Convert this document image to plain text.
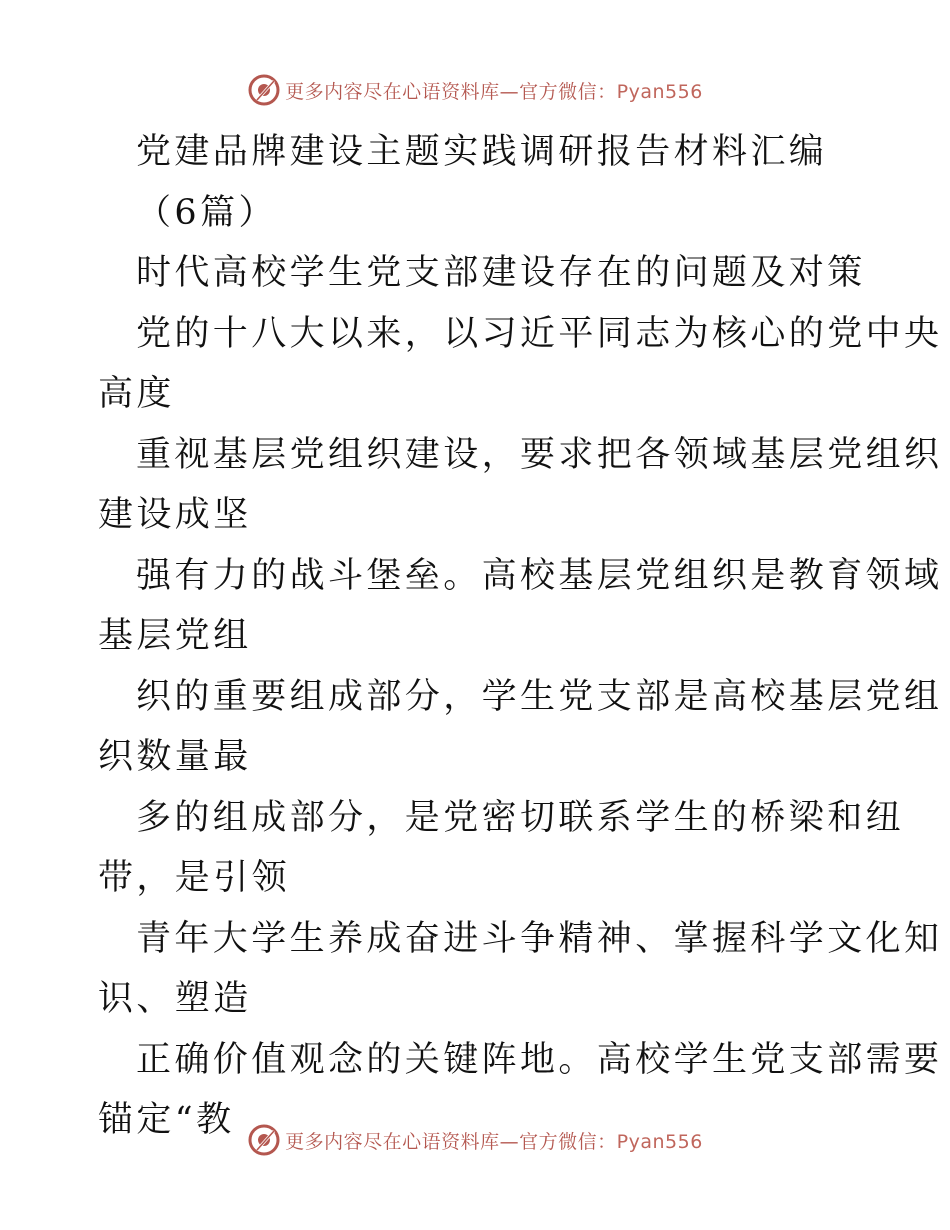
更多内容尽在心语资料库—官方微信：Pyan556
党建品牌建设主题实践调研报告材料汇编
（6篇）
时代高校学生党支部建设存在的问题及对策
党的十八大以来，以习近平同志为核心的党中央
高度
重视基层党组织建设，要求把各领域基层党组织
建设成坚
强有力的战斗堡垒。高校基层党组织是教育领域
基层党组
织的重要组成部分，学生党支部是高校基层党组
织数量最
多的组成部分，是党密切联系学生的桥梁和纽
带，是引领
青年大学生养成奋进斗争精神、掌握科学文化知
识、塑造
正确价值观念的关键阵地。高校学生党支部需要
锚定“教
更多内容尽在心语资料库—官方微信：Pyan556
